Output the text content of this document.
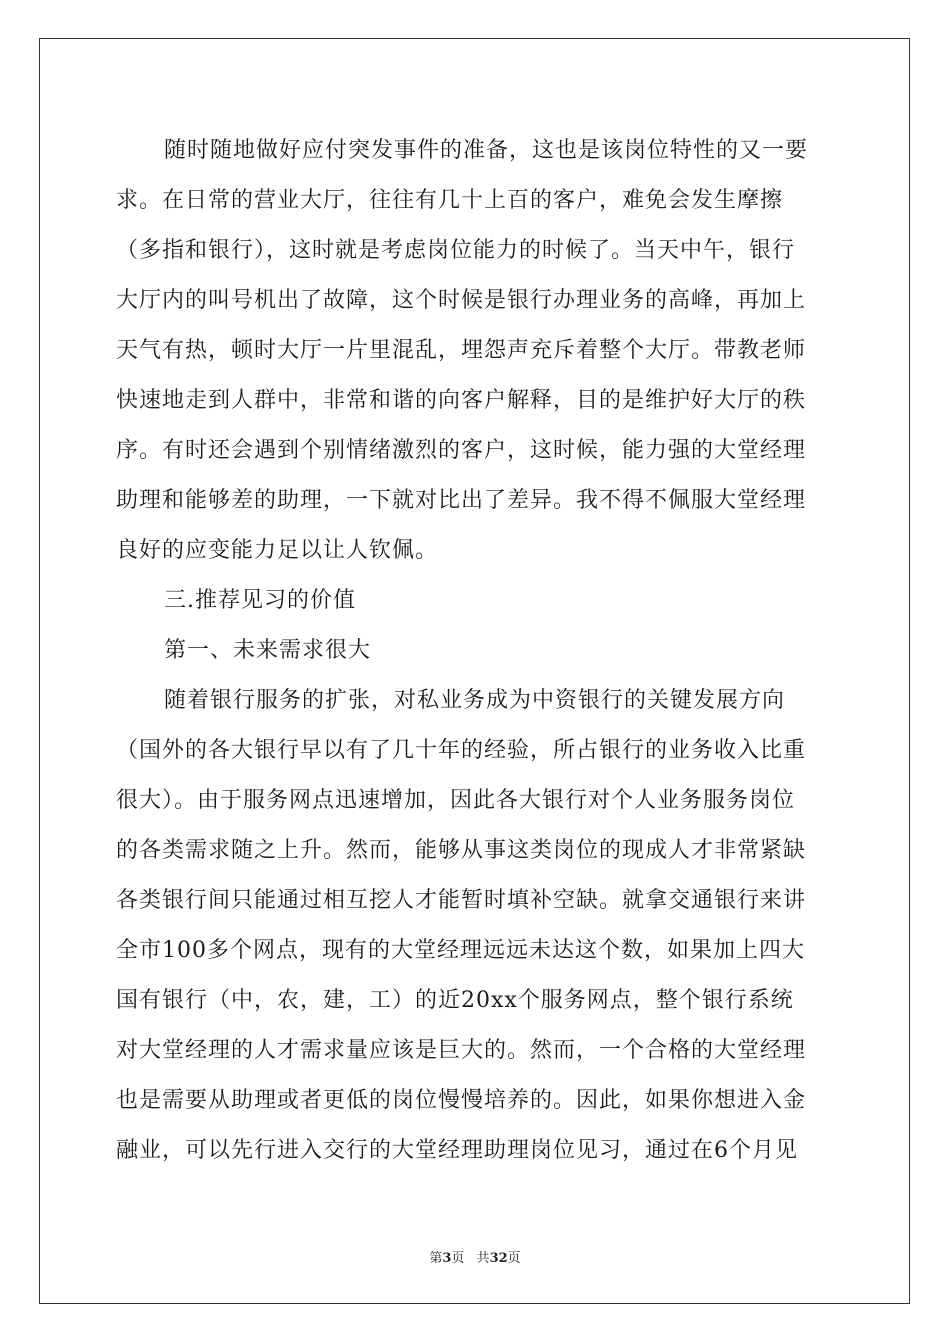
随时随地做好应付突发事件的准备，这也是该岗位特性的又一要
求。在日常的营业大厅，往往有几十上百的客户，难免会发生摩擦
（多指和银行），这时就是考虑岗位能力的时候了。当天中午，银行
大厅内的叫号机出了故障，这个时候是银行办理业务的高峰，再加上
天气有热，顿时大厅一片里混乱，埋怨声充斥着整个大厅。带教老师
快速地走到人群中，非常和谐的向客户解释，目的是维护好大厅的秩
序。有时还会遇到个别情绪激烈的客户，这时候，能力强的大堂经理
助理和能够差的助理，一下就对比出了差异。我不得不佩服大堂经理
良好的应变能力足以让人钦佩。
三.推荐见习的价值
第一、未来需求很大
随着银行服务的扩张，对私业务成为中资银行的关键发展方向
（国外的各大银行早以有了几十年的经验，所占银行的业务收入比重
很大）。由于服务网点迅速增加，因此各大银行对个人业务服务岗位
的各类需求随之上升。然而，能够从事这类岗位的现成人才非常紧缺
各类银行间只能通过相互挖人才能暂时填补空缺。就拿交通银行来讲
全市100多个网点，现有的大堂经理远远未达这个数，如果加上四大
国有银行（中，农，建，工）的近20xx个服务网点，整个银行系统
对大堂经理的人才需求量应该是巨大的。然而，一个合格的大堂经理
也是需要从助理或者更低的岗位慢慢培养的。因此，如果你想进入金
融业，可以先行进入交行的大堂经理助理岗位见习，通过在6个月见
第3页 共32页
